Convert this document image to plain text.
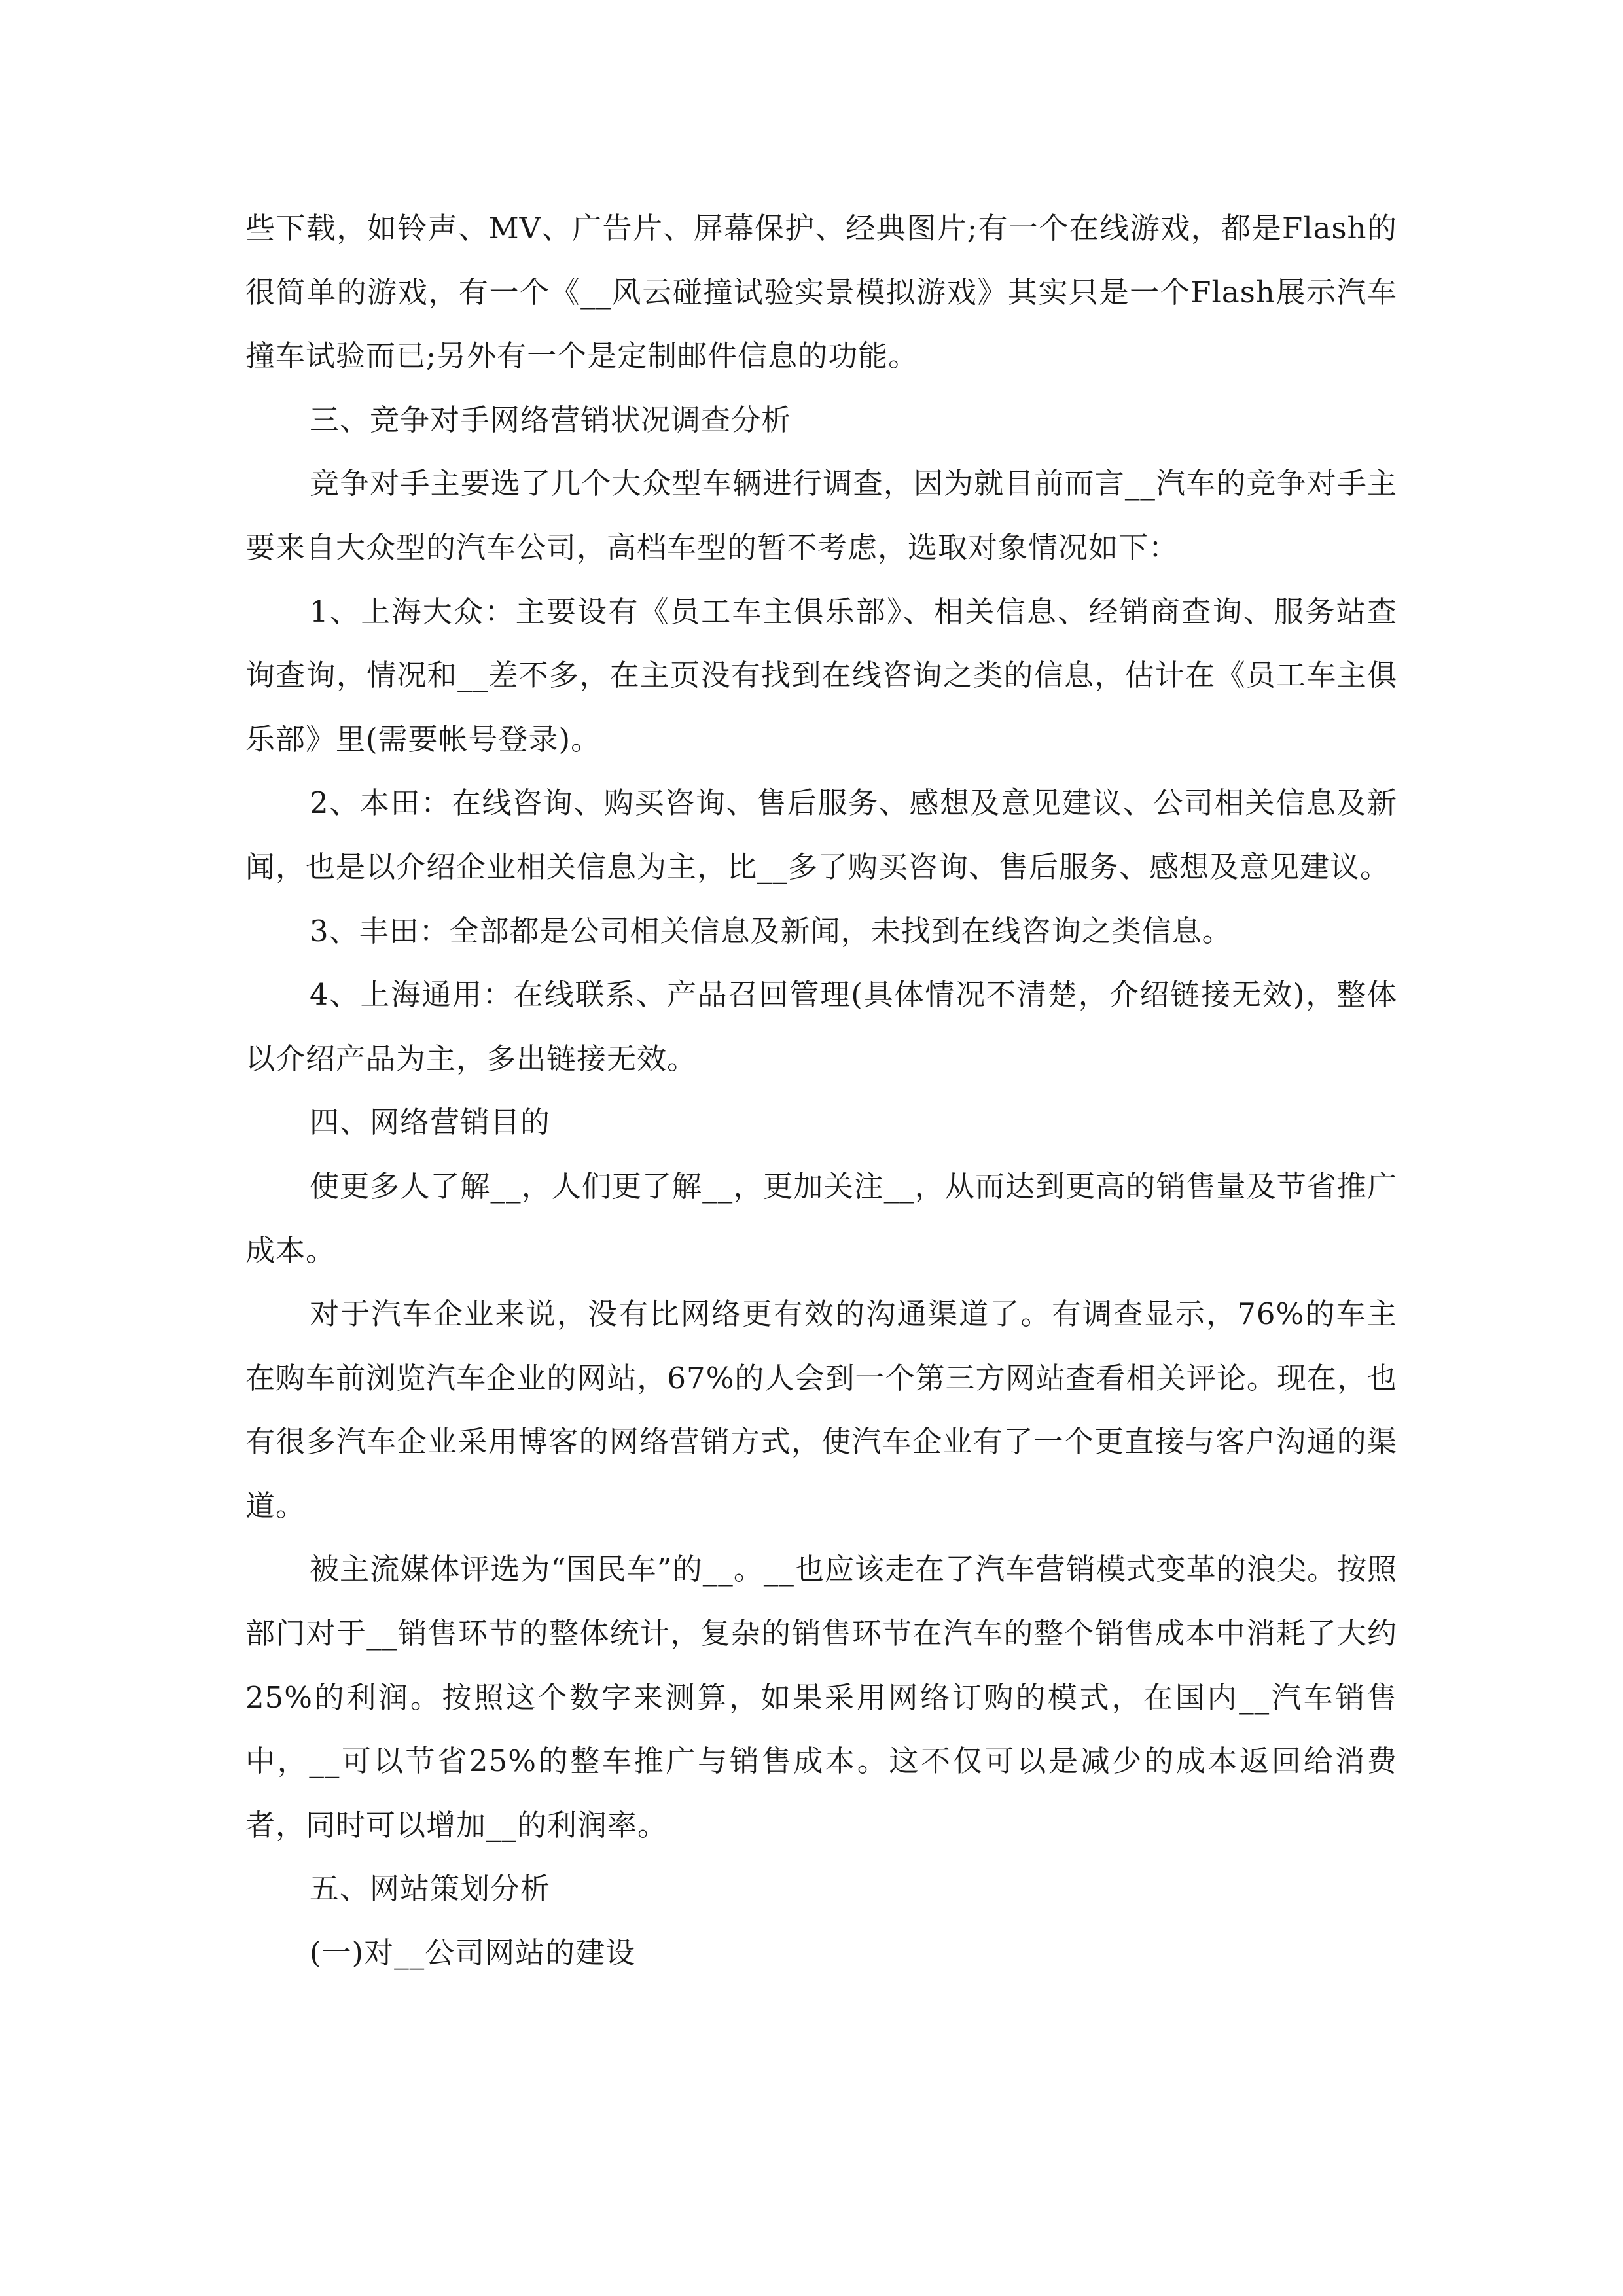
些下载，如铃声、MV、广告片、屏幕保护、经典图片;有一个在线游戏，都是Flash的很简单的游戏，有一个《__风云碰撞试验实景模拟游戏》其实只是一个Flash展示汽车撞车试验而已;另外有一个是定制邮件信息的功能。

三、竞争对手网络营销状况调查分析

竞争对手主要选了几个大众型车辆进行调查，因为就目前而言__汽车的竞争对手主要来自大众型的汽车公司，高档车型的暂不考虑，选取对象情况如下：

1、上海大众：主要设有《员工车主俱乐部》、相关信息、经销商查询、服务站查询查询，情况和__差不多，在主页没有找到在线咨询之类的信息，估计在《员工车主俱乐部》里(需要帐号登录)。

2、本田：在线咨询、购买咨询、售后服务、感想及意见建议、公司相关信息及新闻，也是以介绍企业相关信息为主，比__多了购买咨询、售后服务、感想及意见建议。

3、丰田：全部都是公司相关信息及新闻，未找到在线咨询之类信息。

4、上海通用：在线联系、产品召回管理(具体情况不清楚，介绍链接无效)，整体以介绍产品为主，多出链接无效。

四、网络营销目的

使更多人了解__，人们更了解__，更加关注__，从而达到更高的销售量及节省推广成本。

对于汽车企业来说，没有比网络更有效的沟通渠道了。有调查显示，76%的车主在购车前浏览汽车企业的网站，67%的人会到一个第三方网站查看相关评论。现在，也有很多汽车企业采用博客的网络营销方式，使汽车企业有了一个更直接与客户沟通的渠道。

被主流媒体评选为“国民车”的__。__也应该走在了汽车营销模式变革的浪尖。按照部门对于__销售环节的整体统计，复杂的销售环节在汽车的整个销售成本中消耗了大约25%的利润。按照这个数字来测算，如果采用网络订购的模式，在国内__汽车销售中，__可以节省25%的整车推广与销售成本。这不仅可以是减少的成本返回给消费者，同时可以增加__的利润率。

五、网站策划分析

(一)对__公司网站的建设
